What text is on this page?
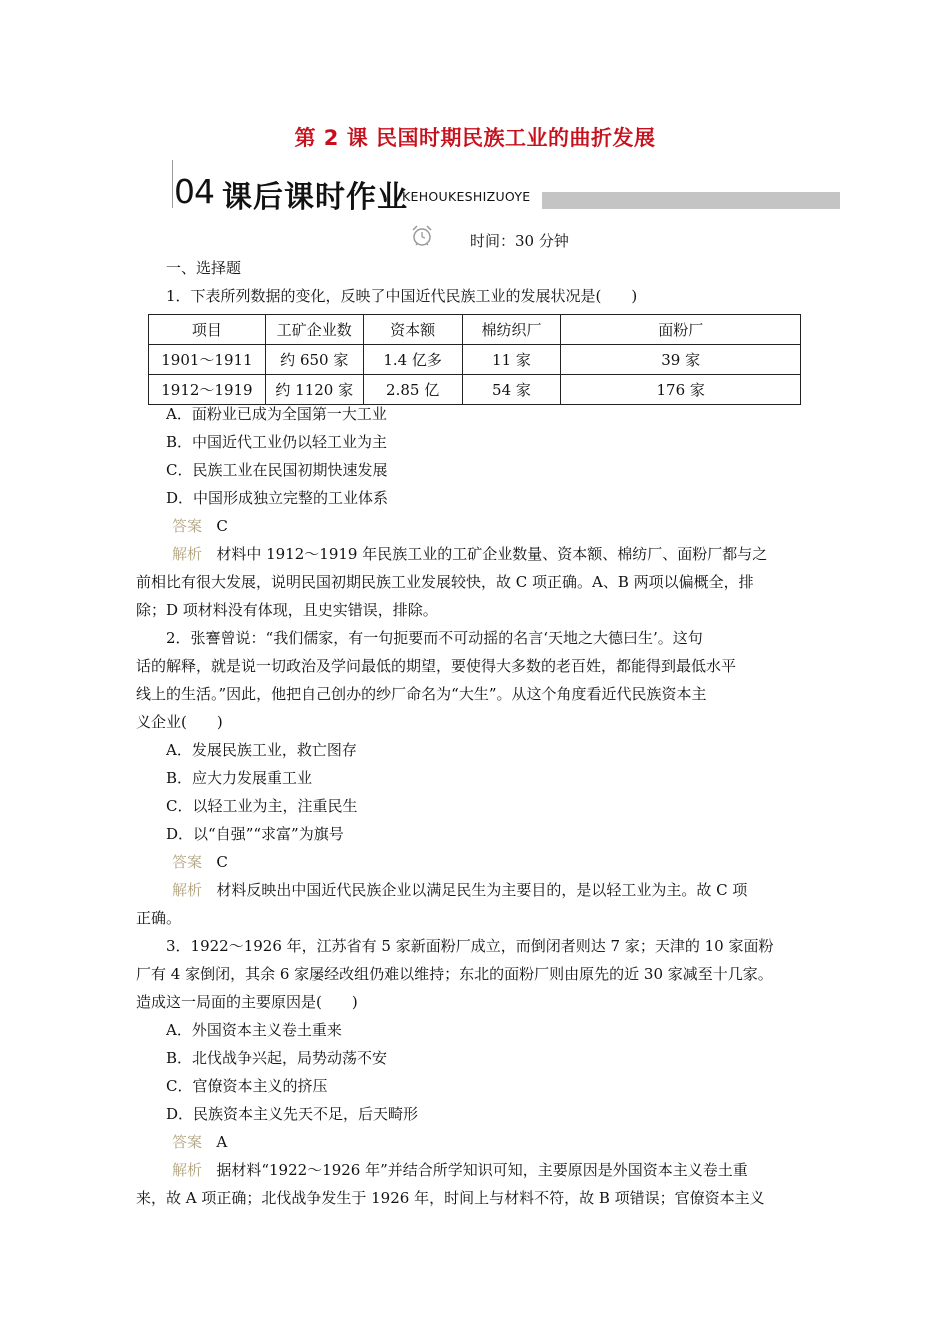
第 2 课 民国时期民族工业的曲折发展
04 课后课时作业
KEHOUKESHIZUOYE
时间：30 分钟
一、选择题
1．下表所列数据的变化，反映了中国近代民族工业的发展状况是(　　)
项目	工矿企业数	资本额	棉纺织厂	面粉厂
1901～1911	约 650 家	1.4 亿多	11 家	39 家
1912～1919	约 1120 家	2.85 亿	54 家	176 家
A．面粉业已成为全国第一大工业
B．中国近代工业仍以轻工业为主
C．民族工业在民国初期快速发展
D．中国形成独立完整的工业体系
答案 C
解析 材料中 1912～1919 年民族工业的工矿企业数量、资本额、棉纺厂、面粉厂都与之
前相比有很大发展，说明民国初期民族工业发展较快，故 C 项正确。A、B 两项以偏概全，排
除；D 项材料没有体现，且史实错误，排除。
2．张謇曾说：“我们儒家，有一句扼要而不可动摇的名言‘天地之大德曰生’。这句
话的解释，就是说一切政治及学问最低的期望，要使得大多数的老百姓，都能得到最低水平
线上的生活。”因此，他把自己创办的纱厂命名为“大生”。从这个角度看近代民族资本主
义企业(　　)
A．发展民族工业，救亡图存
B．应大力发展重工业
C．以轻工业为主，注重民生
D．以“自强”“求富”为旗号
答案 C
解析 材料反映出中国近代民族企业以满足民生为主要目的，是以轻工业为主。故 C 项
正确。
3．1922～1926 年，江苏省有 5 家新面粉厂成立，而倒闭者则达 7 家；天津的 10 家面粉
厂有 4 家倒闭，其余 6 家屡经改组仍难以维持；东北的面粉厂则由原先的近 30 家减至十几家。
造成这一局面的主要原因是(　　)
A．外国资本主义卷土重来
B．北伐战争兴起，局势动荡不安
C．官僚资本主义的挤压
D．民族资本主义先天不足，后天畸形
答案 A
解析 据材料“1922～1926 年”并结合所学知识可知，主要原因是外国资本主义卷土重
来，故 A 项正确；北伐战争发生于 1926 年，时间上与材料不符，故 B 项错误；官僚资本主义
